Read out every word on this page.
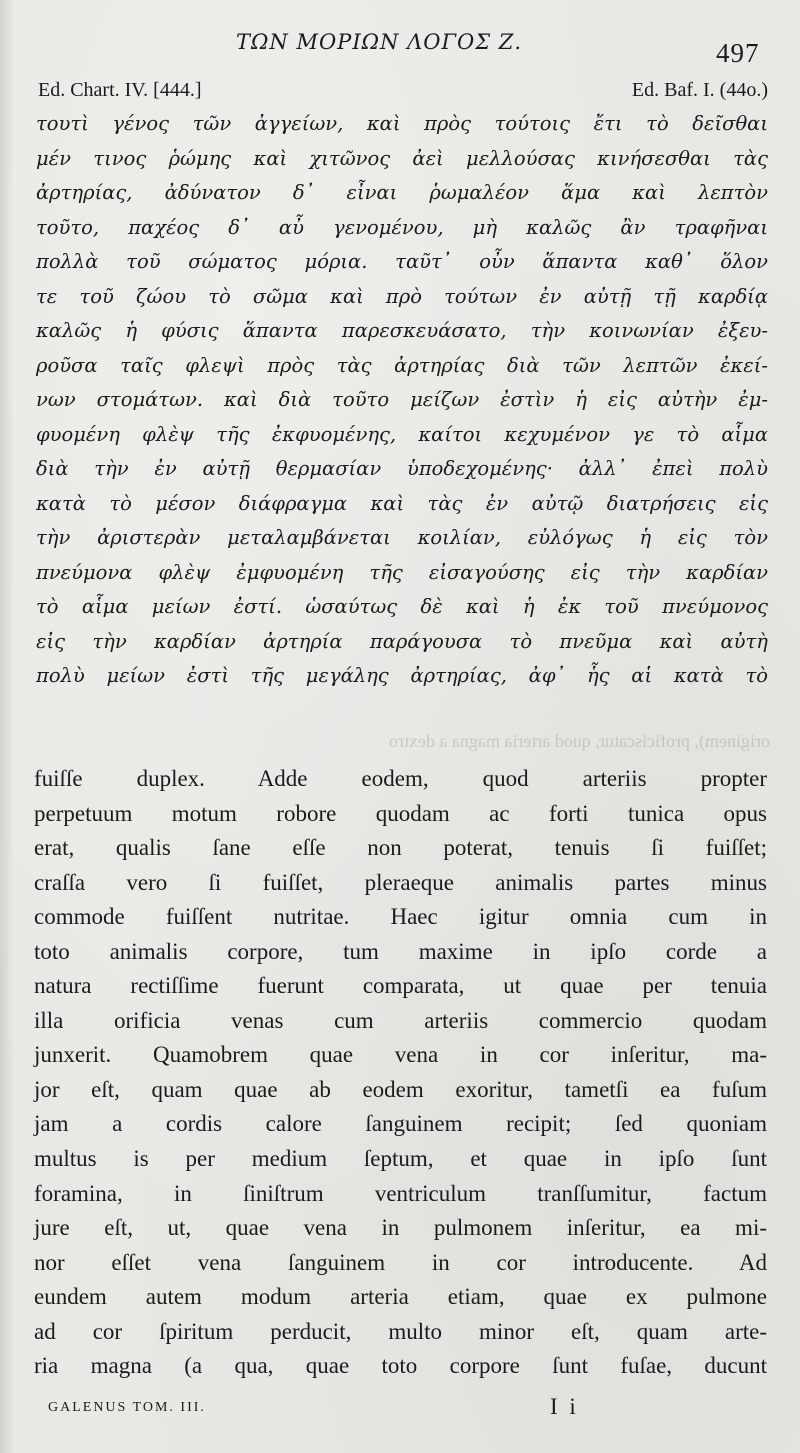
ΤΩΝ ΜΟΡΙΩΝ ΛΟΓΟΣ Ζ.	497
Ed. Chart. IV. [444.]	Ed. Baf. I. (44o.)
τουτὶ γένος τῶν ἀγγείων, καὶ πρὸς τούτοις ἔτι τὸ δεῖσθαι
μέν τινος ῥώμης καὶ χιτῶνος ἀεὶ μελλούσας κινήσεσθαι τὰς
ἀρτηρίας, ἀδύνατον δ᾽ εἶναι ῥωμαλέον ἅμα καὶ λεπτὸν
τοῦτο, παχέος δ᾽ αὖ γενομένου, μὴ καλῶς ἂν τραφῆναι
πολλὰ τοῦ σώματος μόρια. ταῦτ᾽ οὖν ἅπαντα καθ᾽ ὅλον
τε τοῦ ζώου τὸ σῶμα καὶ πρὸ τούτων ἐν αὐτῇ τῇ καρδίᾳ
καλῶς ἡ φύσις ἅπαντα παρεσκευάσατο, τὴν κοινωνίαν ἐξευ-
ροῦσα ταῖς φλεψὶ πρὸς τὰς ἀρτηρίας διὰ τῶν λεπτῶν ἐκεί-
νων στομάτων. καὶ διὰ τοῦτο μείζων ἐστὶν ἡ εἰς αὐτὴν ἐμ-
φυομένη φλὲψ τῆς ἐκφυομένης, καίτοι κεχυμένον γε τὸ αἷμα
διὰ τὴν ἐν αὐτῇ θερμασίαν ὑποδεχομένης· ἀλλ᾽ ἐπεὶ πολὺ
κατὰ τὸ μέσον διάφραγμα καὶ τὰς ἐν αὐτῷ διατρήσεις εἰς
τὴν ἀριστερὰν μεταλαμβάνεται κοιλίαν, εὐλόγως ἡ εἰς τὸν
πνεύμονα φλὲψ ἐμφυομένη τῆς εἰσαγούσης εἰς τὴν καρδίαν
τὸ αἷμα μείων ἐστί. ὡσαύτως δὲ καὶ ἡ ἐκ τοῦ πνεύμονος
εἰς τὴν καρδίαν ἀρτηρία παράγουσα τὸ πνεῦμα καὶ αὐτὴ
πολὺ μείων ἐστὶ τῆς μεγάλης ἀρτηρίας, ἀφ᾽ ἧς αἱ κατὰ τὸ
originem), proficiscatur, quod arteria magna a dextro
fuiſſe duplex. Adde eodem, quod arteriis propter
perpetuum motum robore quodam ac forti tunica opus
erat, qualis ſane eſſe non poterat, tenuis ſi fuiſſet;
craſſa vero ſi fuiſſet, pleraeque animalis partes minus
commode fuiſſent nutritae. Haec igitur omnia cum in
toto animalis corpore, tum maxime in ipſo corde a
natura rectiſſime fuerunt comparata, ut quae per tenuia
illa orificia venas cum arteriis commercio quodam
junxerit. Quamobrem quae vena in cor inſeritur, ma-
jor eſt, quam quae ab eodem exoritur, tametſi ea fuſum
jam a cordis calore ſanguinem recipit; ſed quoniam
multus is per medium ſeptum, et quae in ipſo ſunt
foramina, in ſiniſtrum ventriculum tranſſumitur, factum
jure eſt, ut, quae vena in pulmonem inſeritur, ea mi-
nor eſſet vena ſanguinem in cor introducente. Ad
eundem autem modum arteria etiam, quae ex pulmone
ad cor ſpiritum perducit, multo minor eſt, quam arte-
ria magna (a qua, quae toto corpore ſunt fuſae, ducunt
GALENUS TOM. III.	I i
